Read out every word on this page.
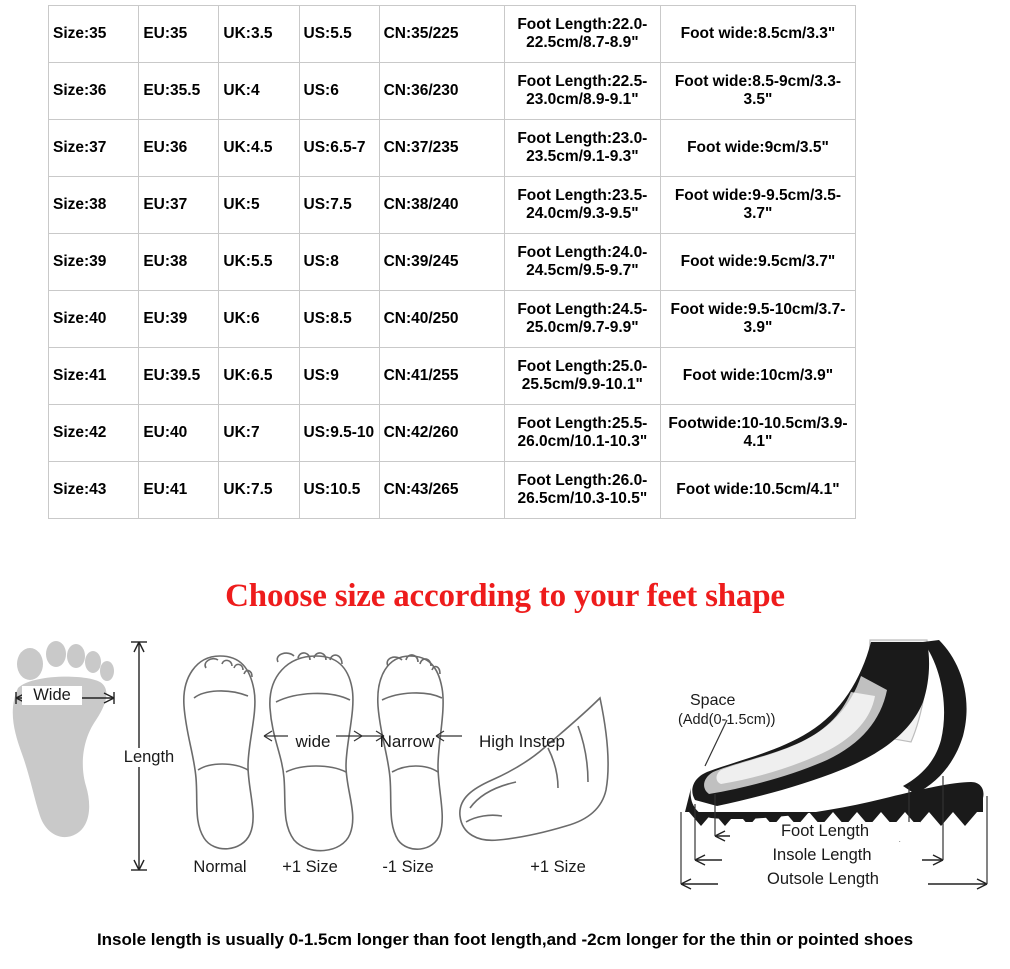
Size:35	EU:35	UK:3.5	US:5.5	CN:35/225	Foot Length:22.0-22.5cm/8.7-8.9"	Foot wide:8.5cm/3.3"
Size:36	EU:35.5	UK:4	US:6	CN:36/230	Foot Length:22.5-23.0cm/8.9-9.1"	Foot wide:8.5-9cm/3.3-3.5"
Size:37	EU:36	UK:4.5	US:6.5-7	CN:37/235	Foot Length:23.0-23.5cm/9.1-9.3"	Foot wide:9cm/3.5"
Size:38	EU:37	UK:5	US:7.5	CN:38/240	Foot Length:23.5-24.0cm/9.3-9.5"	Foot wide:9-9.5cm/3.5-3.7"
Size:39	EU:38	UK:5.5	US:8	CN:39/245	Foot Length:24.0-24.5cm/9.5-9.7"	Foot wide:9.5cm/3.7"
Size:40	EU:39	UK:6	US:8.5	CN:40/250	Foot Length:24.5-25.0cm/9.7-9.9"	Foot wide:9.5-10cm/3.7-3.9"
Size:41	EU:39.5	UK:6.5	US:9	CN:41/255	Foot Length:25.0-25.5cm/9.9-10.1"	Foot wide:10cm/3.9"
Size:42	EU:40	UK:7	US:9.5-10	CN:42/260	Foot Length:25.5-26.0cm/10.1-10.3"	Footwide:10-10.5cm/3.9-4.1"
Size:43	EU:41	UK:7.5	US:10.5	CN:43/265	Foot Length:26.0-26.5cm/10.3-10.5"	Foot wide:10.5cm/4.1"
Choose size according to your feet shape
Wide
Length
Normal
wide
+1 Size
Narrow
-1 Size
High Instep
+1 Size
Space
(Add(0-1.5cm))
Foot Length
Insole Length
Outsole Length
Insole length is usually 0-1.5cm longer than foot length,and -2cm longer for the thin or pointed shoes
